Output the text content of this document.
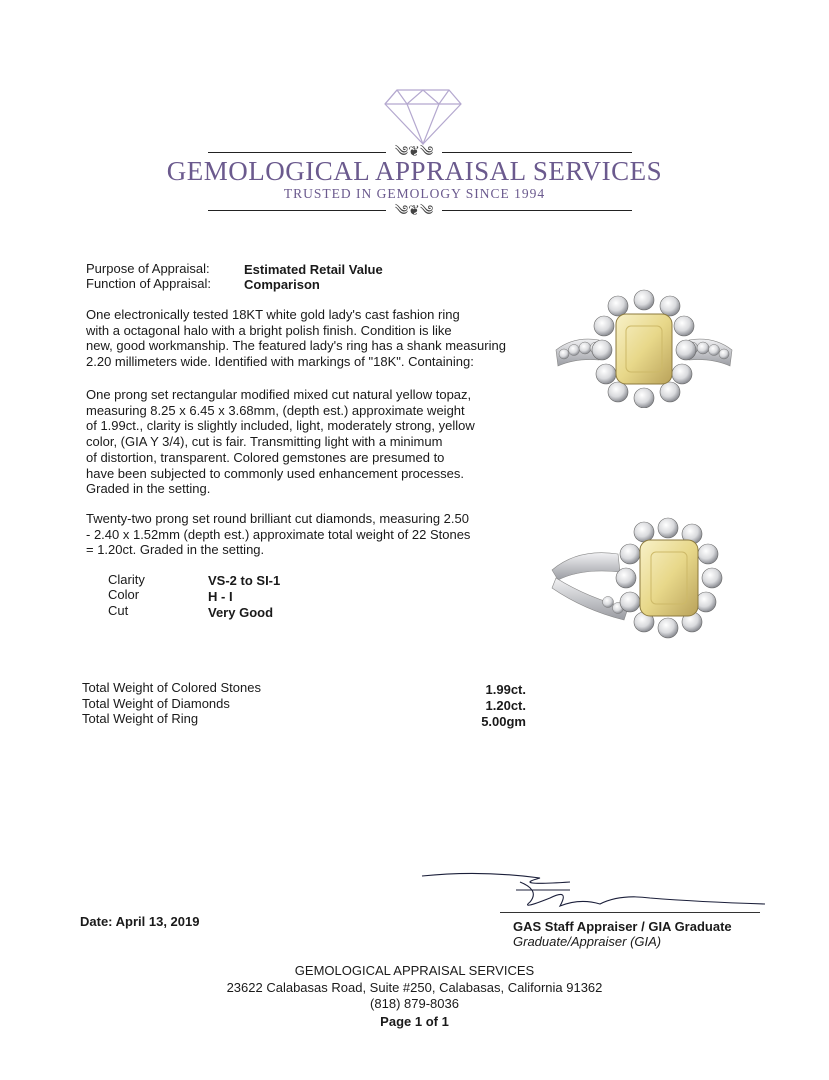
༄❦༄
GEMOLOGICAL APPRAISAL SERVICES
TRUSTED IN GEMOLOGY SINCE 1994
༄❦༄
Purpose of Appraisal:	Estimated Retail Value
Function of Appraisal:	Comparison
One electronically tested 18KT white gold lady's cast fashion ring
with a octagonal halo with a bright polish finish. Condition is like
new, good workmanship. The featured lady's ring has a shank measuring
2.20 millimeters wide. Identified with markings of "18K". Containing:
One prong set rectangular modified mixed cut natural yellow topaz,
measuring 8.25 x 6.45 x 3.68mm, (depth est.) approximate weight
of 1.99ct., clarity is slightly included, light, moderately strong, yellow
color, (GIA Y 3/4), cut is fair. Transmitting light with a minimum
of distortion, transparent. Colored gemstones are presumed to
have been subjected to commonly used enhancement processes.
Graded in the setting.
Twenty-two prong set round brilliant cut diamonds, measuring 2.50
- 2.40 x 1.52mm (depth est.) approximate total weight of 22 Stones
= 1.20ct. Graded in the setting.
Clarity	VS-2 to SI-1
Color	H - I
Cut	Very Good
Total Weight of Colored Stones	1.99ct.
Total Weight of Diamonds	1.20ct.
Total Weight of Ring	5.00gm
Date: April 13, 2019	GAS Staff Appraiser / GIA Graduate
Graduate/Appraiser (GIA)
GEMOLOGICAL APPRAISAL SERVICES
23622 Calabasas Road, Suite #250, Calabasas, California 91362
(818) 879-8036
Page 1 of 1
